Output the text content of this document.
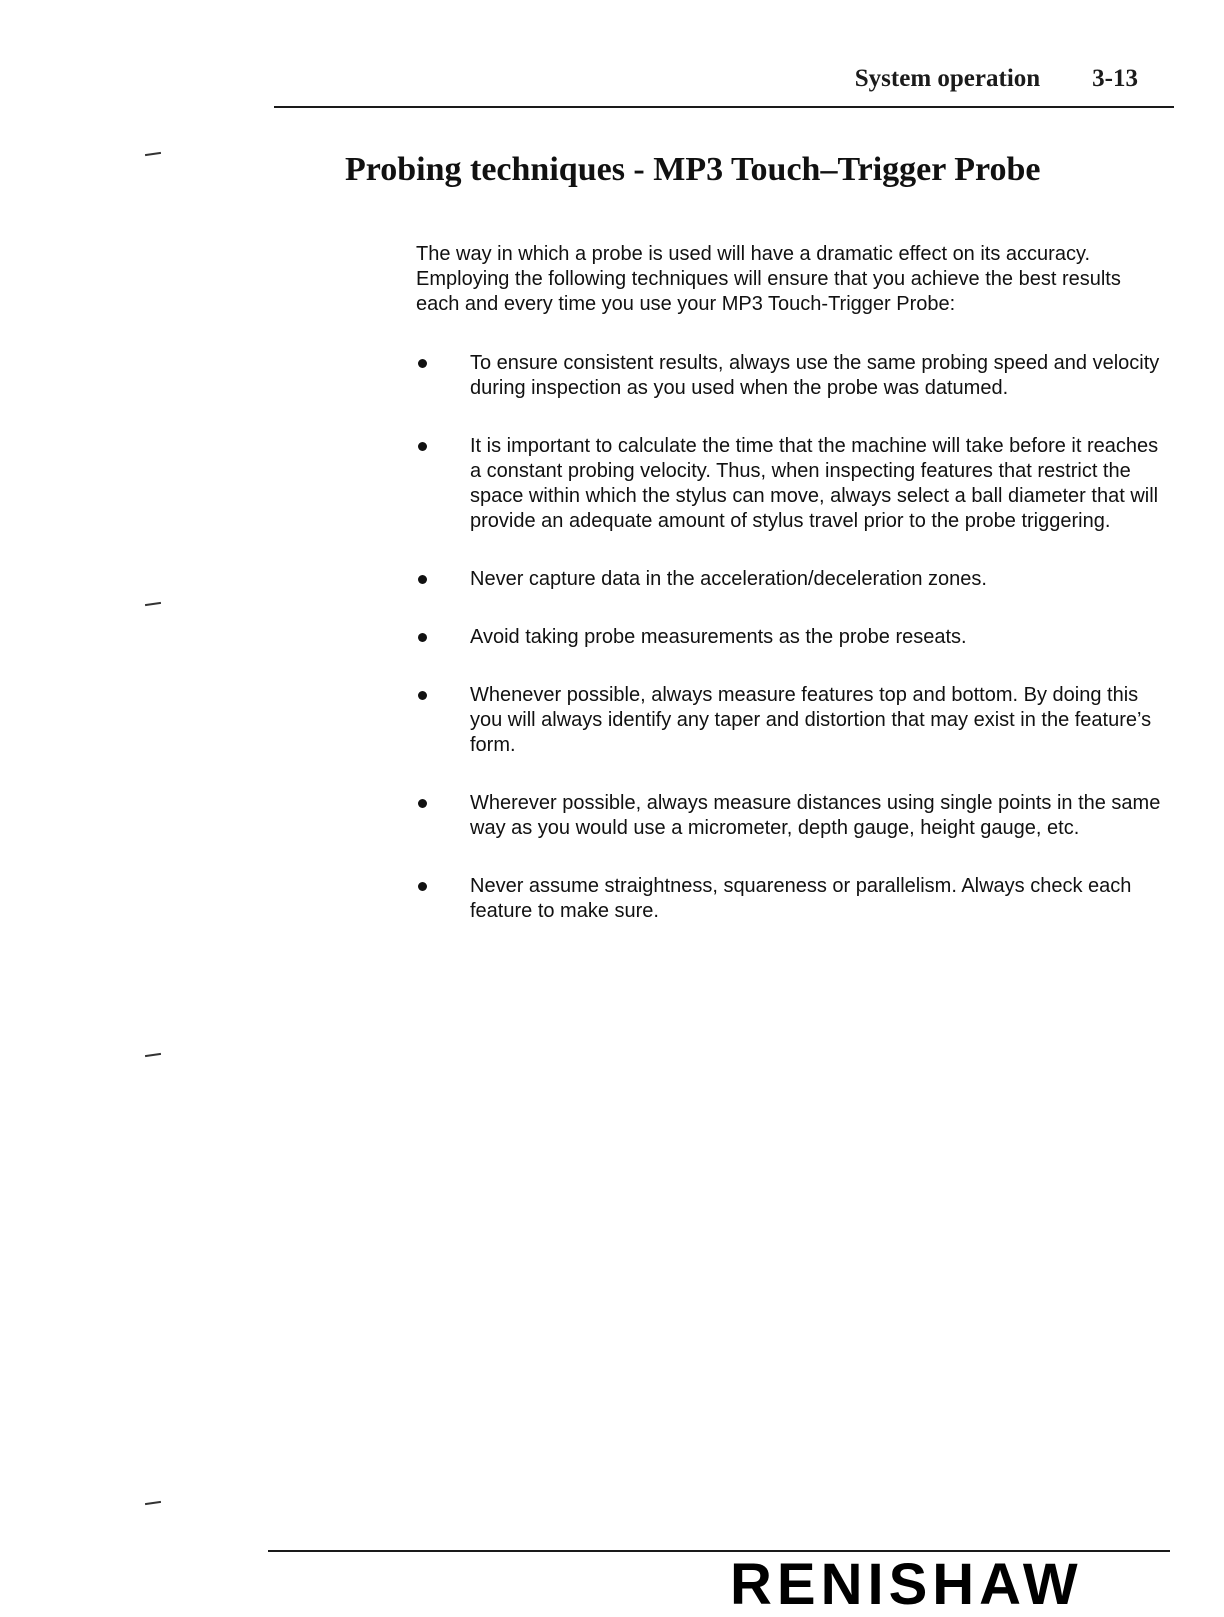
System operation 3-13
Probing techniques - MP3 Touch–Trigger Probe

The way in which a probe is used will have a dramatic effect on its accuracy. Employing the following techniques will ensure that you achieve the best results each and every time you use your MP3 Touch-Trigger Probe:

To ensure consistent results, always use the same probing speed and velocity during inspection as you used when the probe was datumed.
It is important to calculate the time that the machine will take before it reaches a constant probing velocity. Thus, when inspecting features that restrict the space within which the stylus can move, always select a ball diameter that will provide an adequate amount of stylus travel prior to the probe triggering.
Never capture data in the acceleration/deceleration zones.
Avoid taking probe measurements as the probe reseats.
Whenever possible, always measure features top and bottom. By doing this you will always identify any taper and distortion that may exist in the feature’s form.
Wherever possible, always measure distances using single points in the same way as you would use a micrometer, depth gauge, height gauge, etc.
Never assume straightness, squareness or parallelism. Always check each feature to make sure.
RENISHAW
